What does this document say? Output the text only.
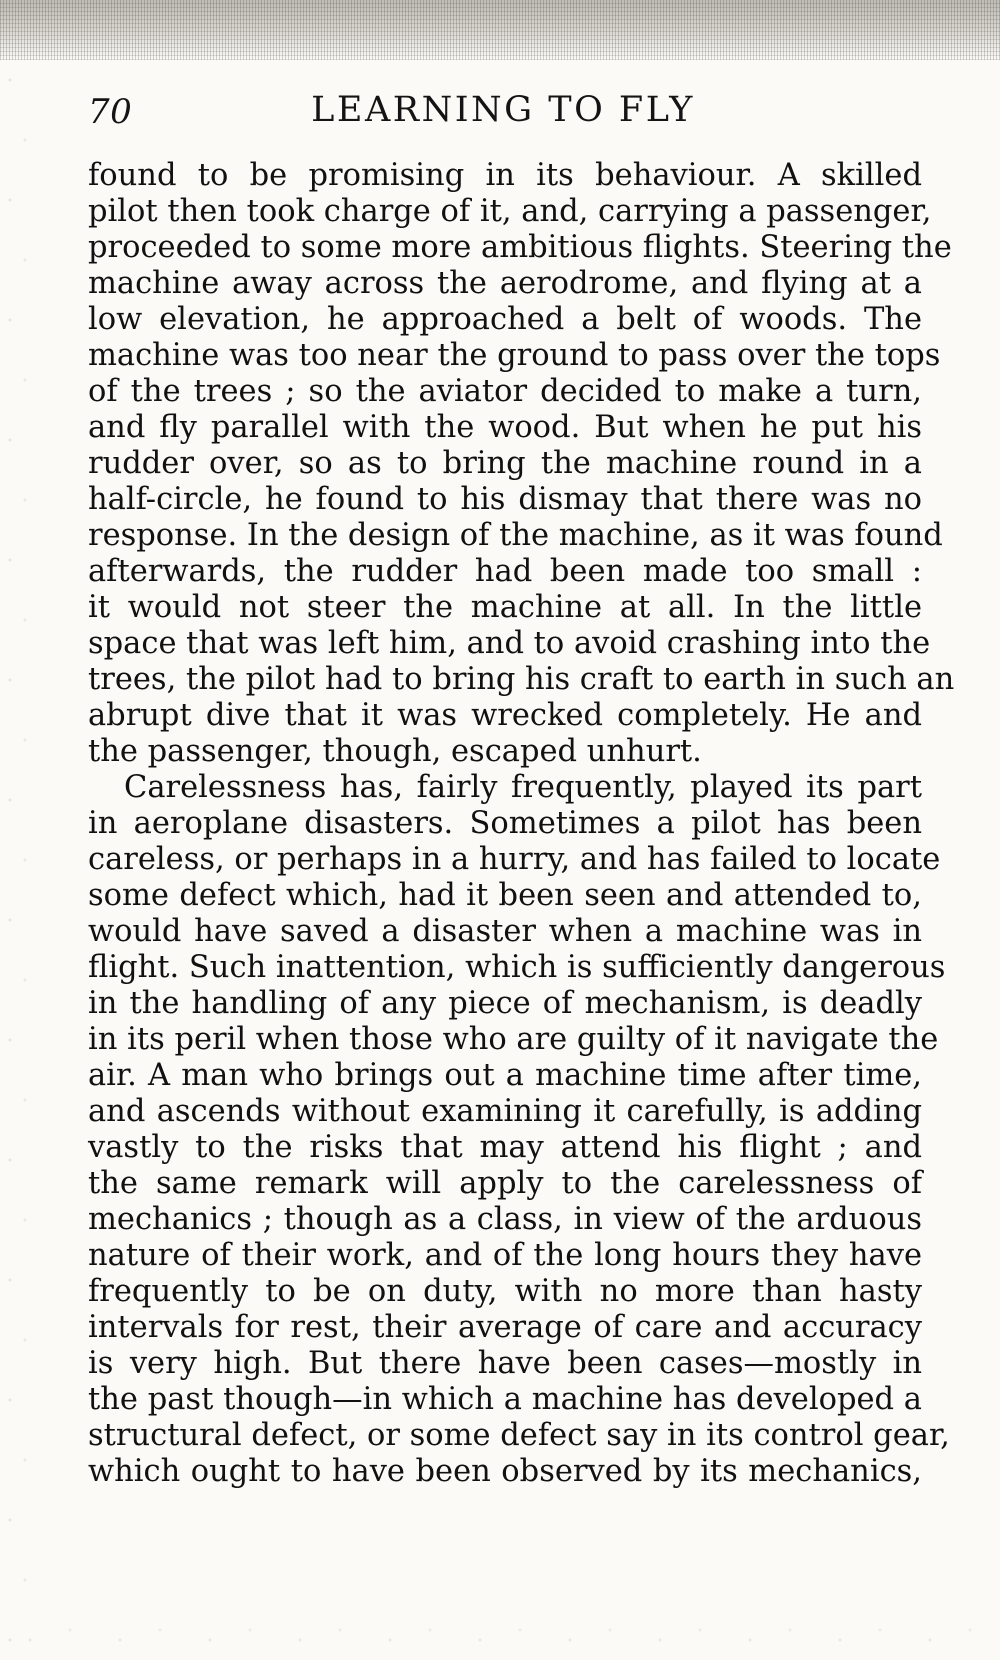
70	LEARNING TO FLY
found to be promising in its behaviour. A skilled
pilot then took charge of it, and, carrying a passenger,
proceeded to some more ambitious flights. Steering the
machine away across the aerodrome, and flying at a
low elevation, he approached a belt of woods. The
machine was too near the ground to pass over the tops
of the trees ; so the aviator decided to make a turn,
and fly parallel with the wood. But when he put his
rudder over, so as to bring the machine round in a
half-circle, he found to his dismay that there was no
response. In the design of the machine, as it was found
afterwards, the rudder had been made too small :
it would not steer the machine at all. In the little
space that was left him, and to avoid crashing into the
trees, the pilot had to bring his craft to earth in such an
abrupt dive that it was wrecked completely. He and
the passenger, though, escaped unhurt.
Carelessness has, fairly frequently, played its part
in aeroplane disasters. Sometimes a pilot has been
careless, or perhaps in a hurry, and has failed to locate
some defect which, had it been seen and attended to,
would have saved a disaster when a machine was in
flight. Such inattention, which is sufficiently dangerous
in the handling of any piece of mechanism, is deadly
in its peril when those who are guilty of it navigate the
air. A man who brings out a machine time after time,
and ascends without examining it carefully, is adding
vastly to the risks that may attend his flight ; and
the same remark will apply to the carelessness of
mechanics ; though as a class, in view of the arduous
nature of their work, and of the long hours they have
frequently to be on duty, with no more than hasty
intervals for rest, their average of care and accuracy
is very high. But there have been cases—mostly in
the past though—in which a machine has developed a
structural defect, or some defect say in its control gear,
which ought to have been observed by its mechanics,
